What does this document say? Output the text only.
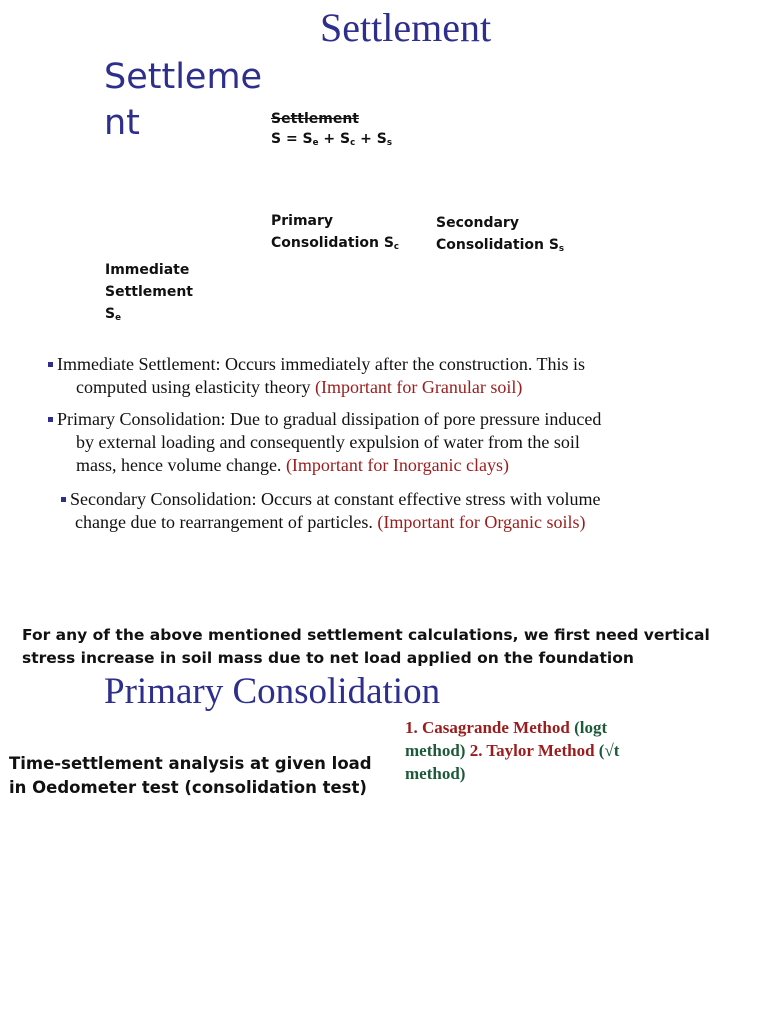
Settlement
Settleme
nt	Settlement
$S = S_e + S_c + S_s$
Primary
Consolidation $S_c$
Secondary
Consolidation $S_s$
Immediate
Settlement
$S_e$
Immediate Settlement: Occurs immediately after the construction. This is
computed using elasticity theory (Important for Granular soil)
Primary Consolidation: Due to gradual dissipation of pore pressure induced
by external loading and consequently expulsion of water from the soil
mass, hence volume change. (Important for Inorganic clays)
Secondary Consolidation: Occurs at constant effective stress with volume
change due to rearrangement of particles. (Important for Organic soils)
For any of the above mentioned settlement calculations, we first need vertical
stress increase in soil mass due to net load applied on the foundation
Primary Consolidation
1. Casagrande Method (logt
method) 2. Taylor Method (√t
method)
Time-settlement analysis at given load
in Oedometer test (consolidation test)
